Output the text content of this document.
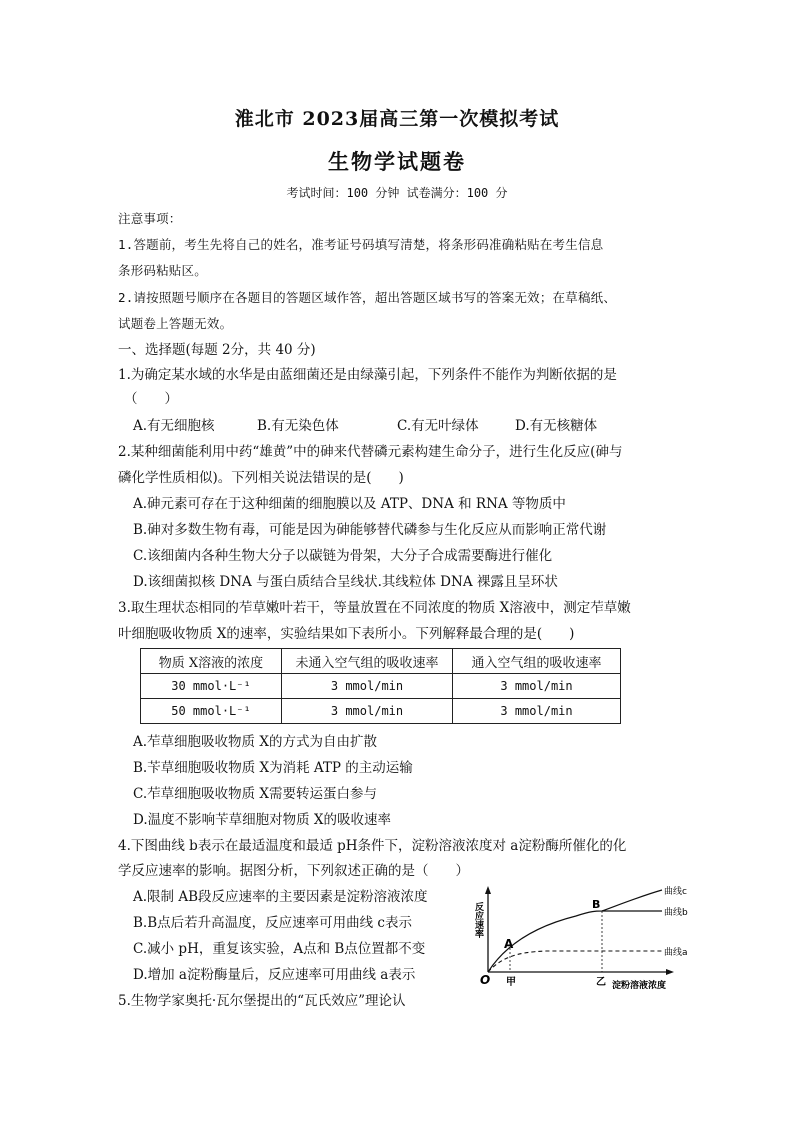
淮北市 2023届高三第一次模拟考试
生物学试题卷
考试时间：100 分钟 试卷满分：100 分
注意事项：
1.答题前，考生先将自己的姓名，准考证号码填写清楚，将条形码准确粘贴在考生信息
条形码粘贴区。
2.请按照题号顺序在各题目的答题区域作答，超出答题区域书写的答案无效；在草稿纸、
试题卷上答题无效。
一、选择题(每题 2分，共 40 分)
1.为确定某水域的水华是由蓝细菌还是由绿藻引起，下列条件不能作为判断依据的是
（　　）
A.有无细胞核	B.有无染色体	C.有无叶绿体	D.有无核糖体
2.某种细菌能利用中药“雄黄”中的砷来代替磷元素构建生命分子，进行生化反应(砷与
磷化学性质相似)。下列相关说法错误的是(　　)
A.砷元素可存在于这种细菌的细胞膜以及 ATP、DNA 和 RNA 等物质中
B.砷对多数生物有毒，可能是因为砷能够替代磷参与生化反应从而影响正常代谢
C.该细菌内各种生物大分子以碳链为骨架，大分子合成需要酶进行催化
D.该细菌拟核 DNA 与蛋白质结合呈线状.其线粒体 DNA 裸露且呈环状
3.取生理状态相同的苲草嫩叶若干，等量放置在不同浓度的物质 X溶液中，测定苲草嫩
叶细胞吸收物质 X的速率，实验结果如下表所小。下列解释最合理的是(　　)
物质 X溶液的浓度	未通入空气组的吸收速率	通入空气组的吸收速率
30 mmol·L⁻¹	3 mmol/min	3 mmol/min
50 mmol·L⁻¹	3 mmol/min	3 mmol/min
A.苲草细胞吸收物质 X的方式为自由扩散
B.苄草细胞吸收物质 X为消耗 ATP 的主动运输
C.苲草细胞吸收物质 X需要转运蛋白参与
D.温度不影响苄草细胞对物质 X的吸收速率
4.下图曲线 b表示在最适温度和最适 pH条件下，淀粉溶液浓度对 a淀粉酶所催化的化
学反应速率的影响。据图分析，下列叙述正确的是（　　）
A.限制 AB段反应速率的主要因素是淀粉溶液浓度
B.B点后若升高温度，反应速率可用曲线 c表示
C.减小 pH，重复该实验，A点和 B点位置都不变
D.增加 a淀粉酶量后，反应速率可用曲线 a表示
5.生物学家奥托·瓦尔堡提出的“瓦氏效应”理论认
反应速率
曲线c
曲线b
曲线a
A
B
O 甲	乙 淀粉溶液浓度
